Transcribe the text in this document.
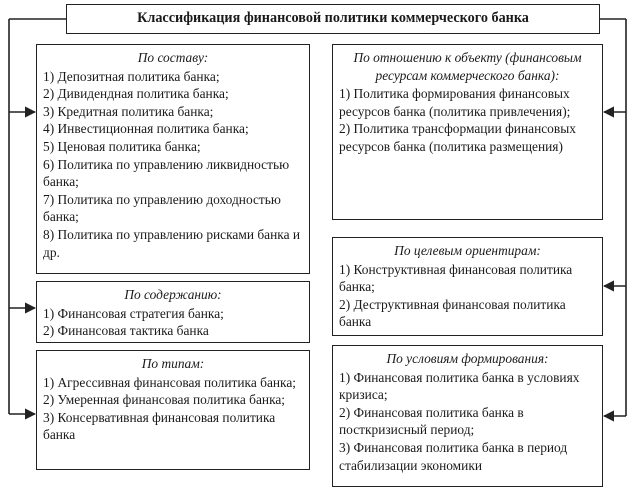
Классификация финансовой политики коммерческого банка
По составу:
1) Депозитная политика банка;
2) Дивидендная политика банка;
3) Кредитная политика банка;
4) Инвестиционная политика банка;
5) Ценовая политика банка;
6) Политика по управлению ликвидностью банка;
7) Политика по управлению доходностью банка;
8) Политика по управлению рисками банка и др.
По содержанию:
1) Финансовая стратегия банка;
2) Финансовая тактика банка
По типам:
1) Агрессивная финансовая политика банка;
2) Умеренная финансовая политика банка;
3) Консервативная финансовая политика банка
По отношению к объекту (финансовым ресурсам коммерческого банка):
1) Политика формирования финансовых ресурсов банка (политика привлечения);
2) Политика трансформации финансовых ресурсов банка (политика размещения)
По целевым ориентирам:
1) Конструктивная финансовая политика банка;
2) Деструктивная финансовая политика банка
По условиям формирования:
1) Финансовая политика банка в условиях кризиса;
2) Финансовая политика банка в посткризисный период;
3) Финансовая политика банка в период стабилизации экономики
